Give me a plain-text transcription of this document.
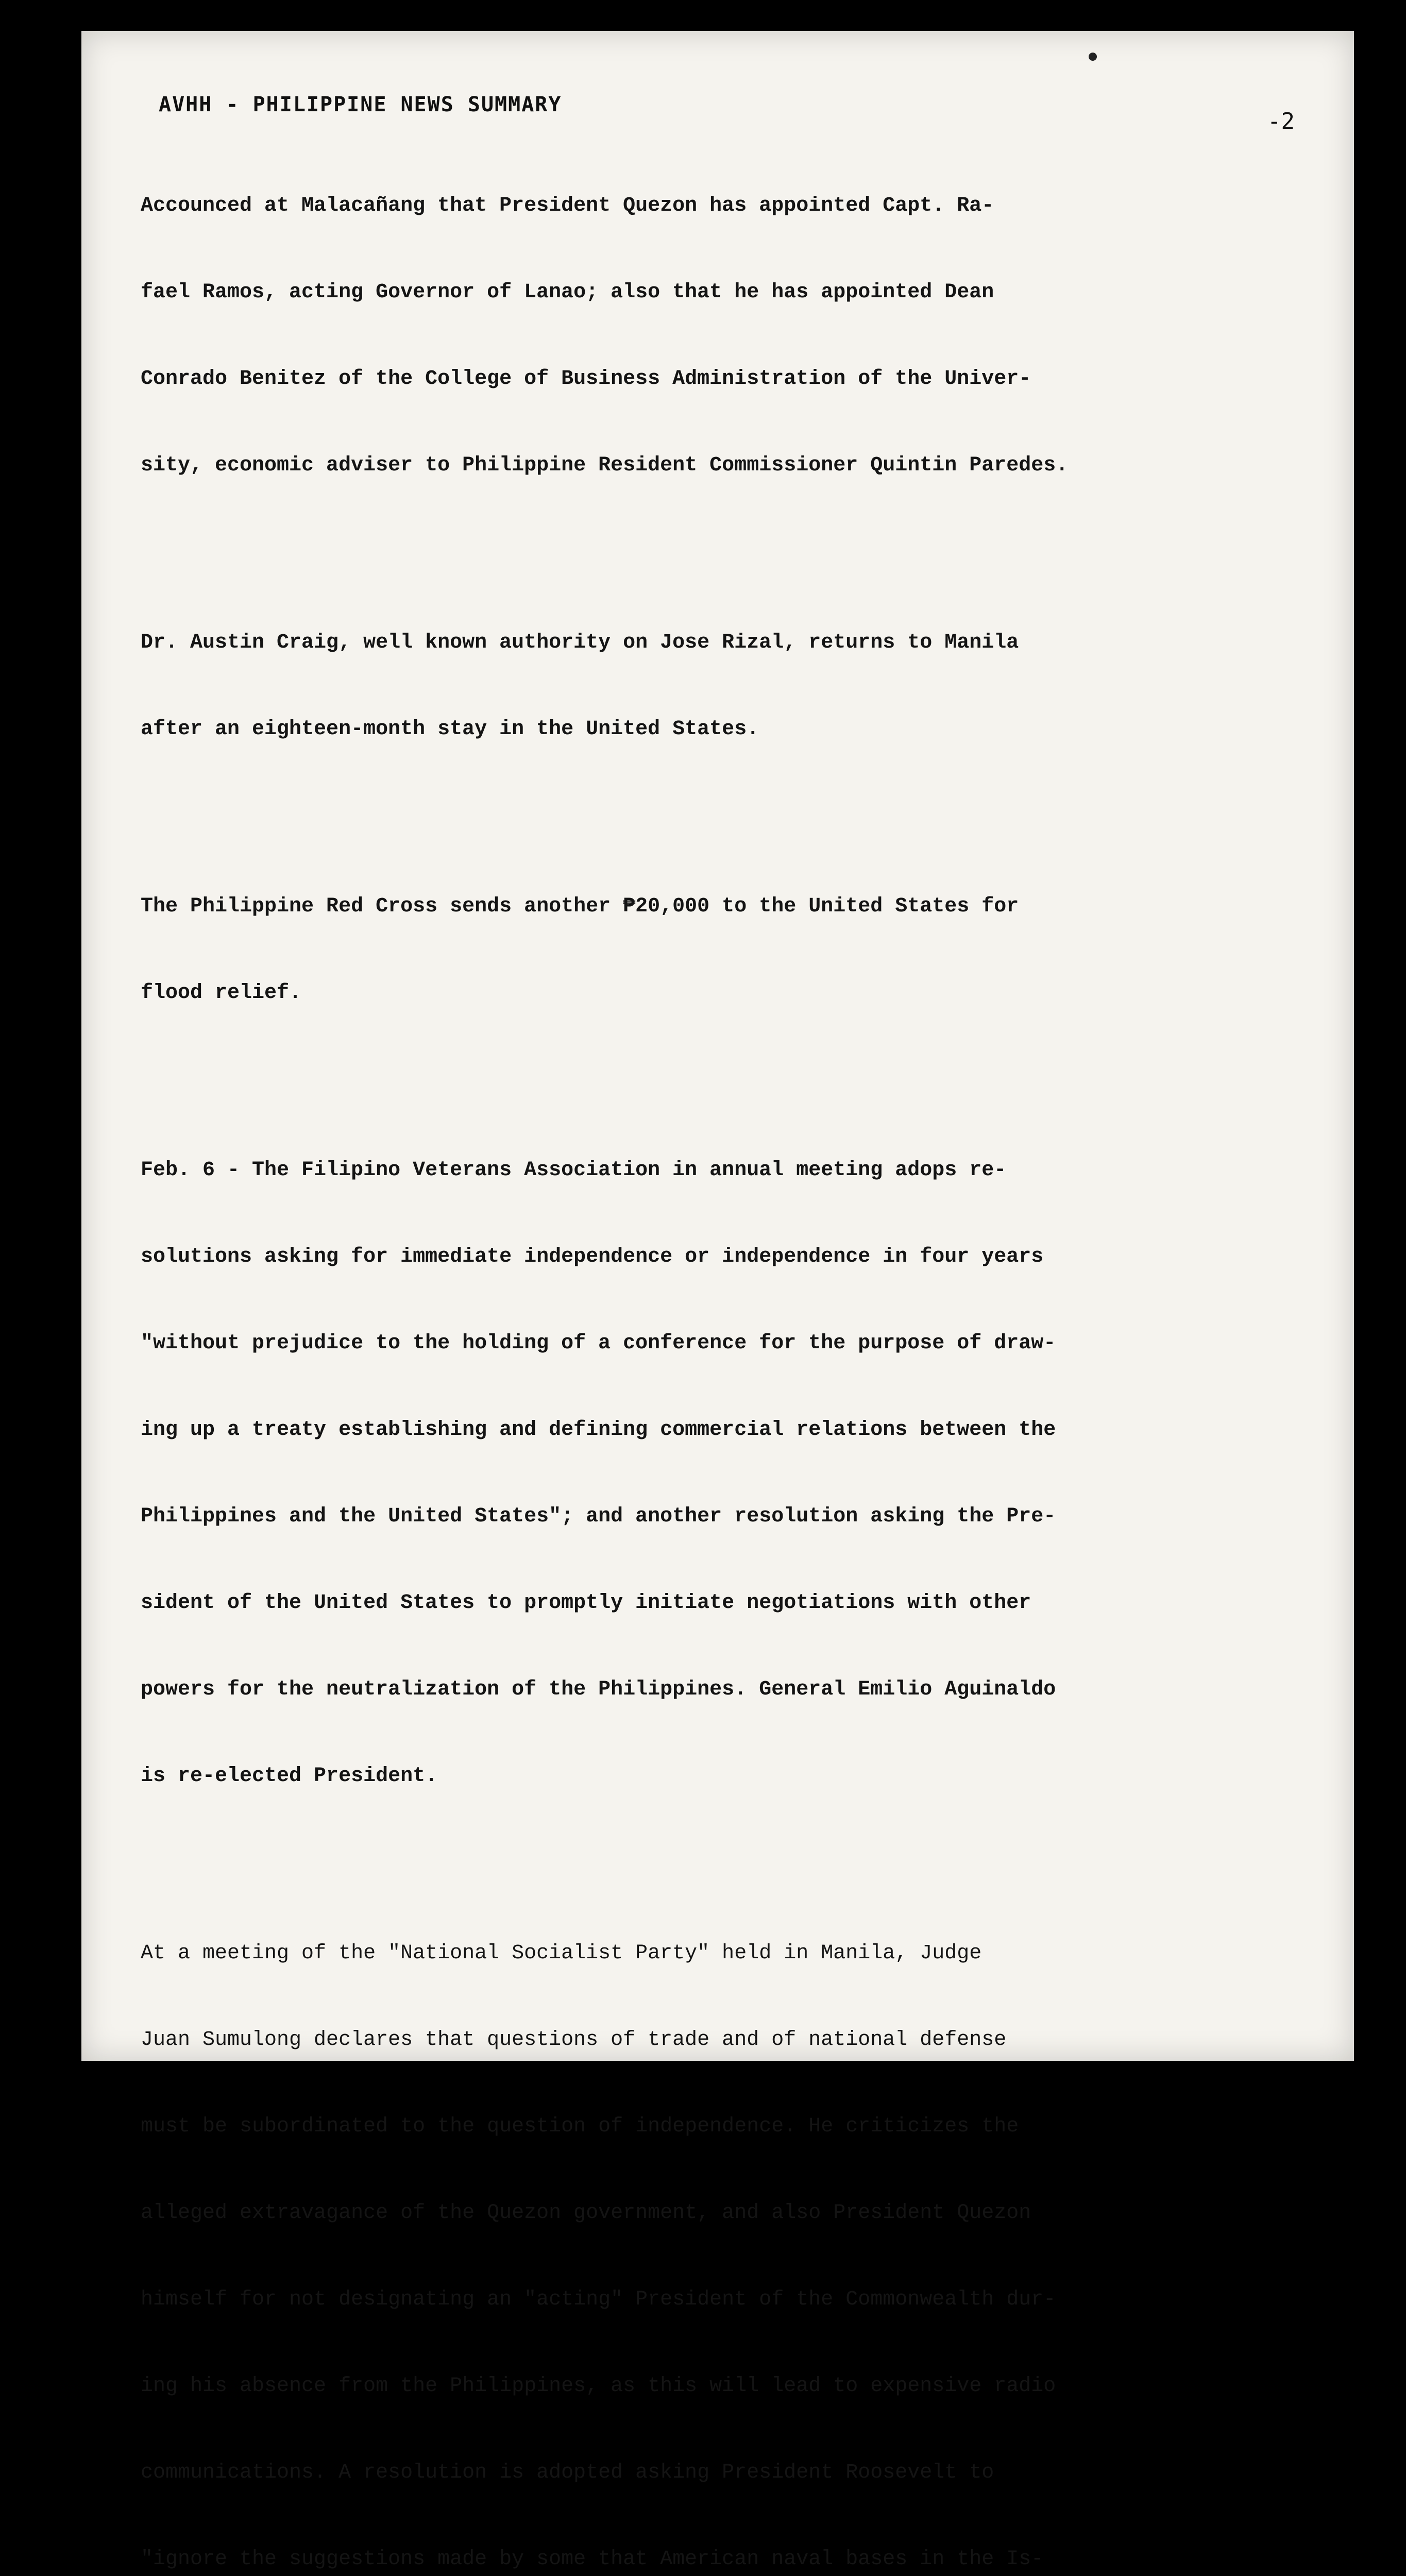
AVHH - PHILIPPINE NEWS SUMMARY
-2

Accounced at Malacañang that President Quezon has appointed Capt. Ra-

fael Ramos, acting Governor of Lanao; also that he has appointed Dean

Conrado Benitez of the College of Business Administration of the Univer-

sity, economic adviser to Philippine Resident Commissioner Quintin Paredes.

Dr. Austin Craig, well known authority on Jose Rizal, returns to Manila

after an eighteen-month stay in the United States.

The Philippine Red Cross sends another ₱20,000 to the United States for

flood relief.

Feb. 6 - The Filipino Veterans Association in annual meeting adops re-

solutions asking for immediate independence or independence in four years

"without prejudice to the holding of a conference for the purpose of draw-

ing up a treaty establishing and defining commercial relations between the

Philippines and the United States"; and another resolution asking the Pre-

sident of the United States to promptly initiate negotiations with other

powers for the neutralization of the Philippines. General Emilio Aguinaldo

is re-elected President.

At a meeting of the "National Socialist Party" held in Manila, Judge

Juan Sumulong declares that questions of trade and of national defense

must be subordinated to the question of independence. He criticizes the

alleged extravagance of the Quezon government, and also President Quezon

himself for not designating an "acting" President of the Commonwealth dur-

ing his absence from the Philippines, as this will lead to expensive radio

communications. A resolution is adopted asking President Roosevelt to

"ignore the suggestions made by some that American naval bases in the Is-
